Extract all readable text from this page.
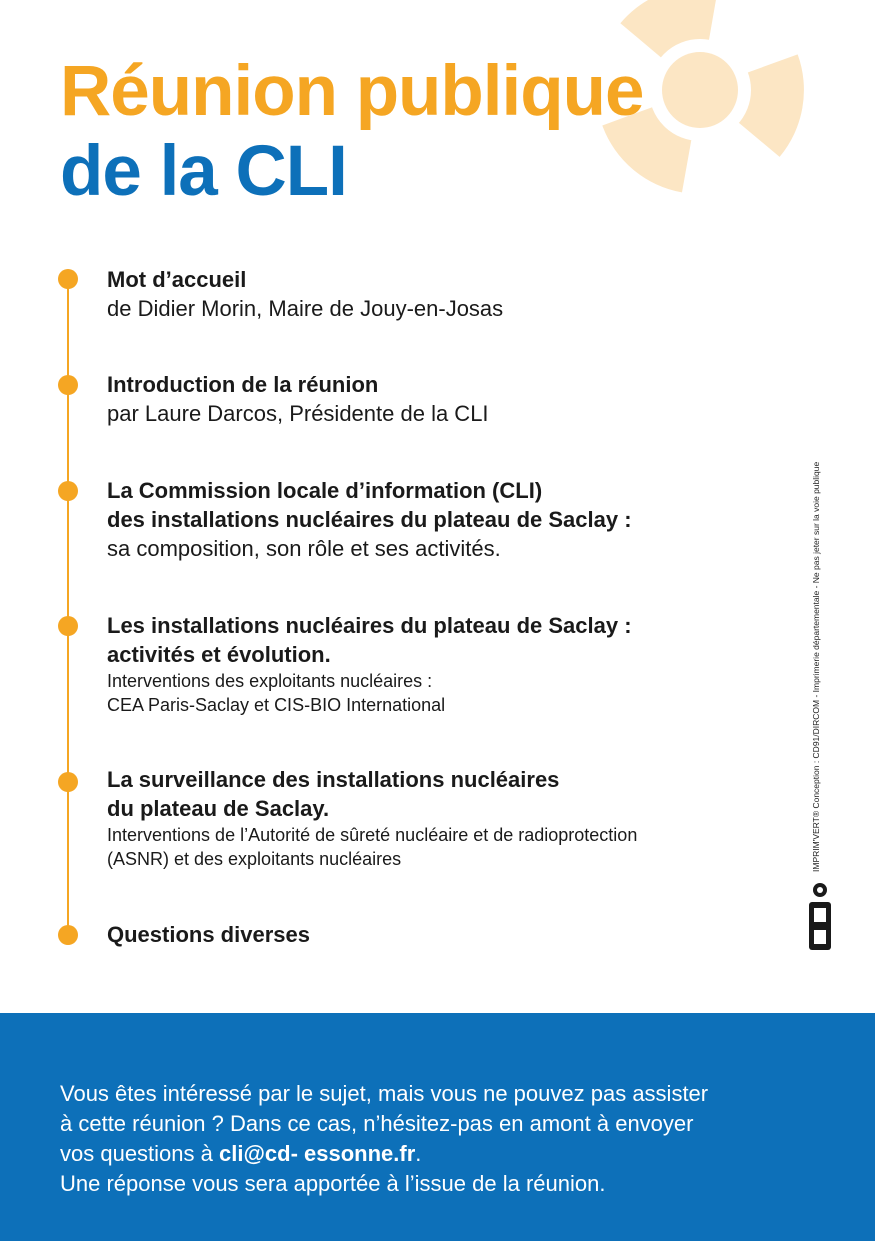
Réunion publique
de la CLI
Mot d’accueil
de Didier Morin, Maire de Jouy-en-Josas
Introduction de la réunion
par Laure Darcos, Présidente de la CLI
La Commission locale d’information (CLI)
des installations nucléaires du plateau de Saclay :
sa composition, son rôle et ses activités.
Les installations nucléaires du plateau de Saclay :
activités et évolution.
Interventions des exploitants nucléaires :
CEA Paris-Saclay et CIS-BIO International
La surveillance des installations nucléaires
du plateau de Saclay.
Interventions de l’Autorité de sûreté nucléaire et de radioprotection
(ASNR) et des exploitants nucléaires
Questions diverses
IMPRIM'VERT® Conception : CD91/DIRCOM - Imprimerie départementale - Ne pas jeter sur la voie publique

Vous êtes intéressé par le sujet, mais vous ne pouvez pas assister
à cette réunion ? Dans ce cas, n’hésitez-pas en amont à envoyer
vos questions à cli@cd- essonne.fr.
Une réponse vous sera apportée à l’issue de la réunion.
